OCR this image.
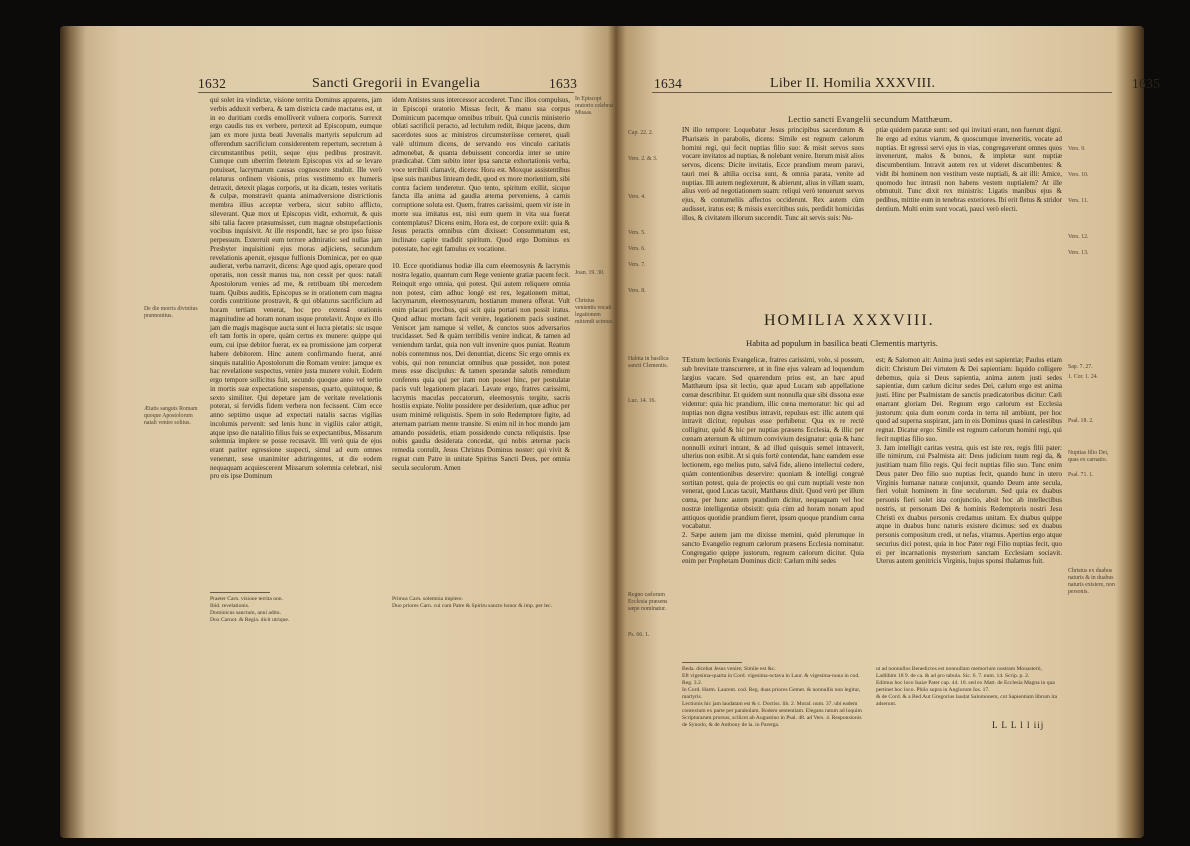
1632	Sancti Gregorii in Evangelia	1633
qui solet ira vindictæ, visione territa Dominus apparens, jam verbis adduxit verbera, & tam districta cæde mactatus est, ut in eo duritiam cordis emolliverit vulnera corporis. Surrexit ergo caudis tus ex verbere, pertexit ad Episcopum, eumque jam ex more juxta beati Juvenalis martyris sepulcrum ad offerendum sacrificium considerentem repertum, secretum à circumstantibus petiit, seque ejus pedibus prostravit. Cumque cum uberrim fletetem Episcopus vix ad se levare potuisset, lacrymarum causas cognoscere studuit. Ille verò relaturus ordinem visionis, prius vestimento ex humeris detraxit, detexit plagas corporis, ut ita dicam, testes veritatis & culpæ, monstravit quanta animadversione districtionis membra illius acceptæ verbera, sicut subito afflicto, sileverant. Quæ mox ut Episcopus vidit, exhorruit, & quis sibi talia facere præsumsisset, cum magnæ obstupefactionis vocibus inquisivit. At ille respondit, hæc se pro ipso fuisse perpessum. Exterruit eum terrore admiratio: sed nullas jam Presbyter inquisitioni ejus moras adjiciens, secundum revelationis aperuit, ejusque fulfionis Dominicæ, per eo quæ audierat, verba narravit, dicens: Age quod agis, operare quod operatis, non cessit manus tua, non cessit per quos: natali Apostolorum venies ad me, & retribuam tibi mercedem tuam. Quibus auditis, Episcopus se in orationem cum magna cordis contritione prostravit, & qui oblaturus sacrificium ad horam tertiam venerat, hoc pro extensâ orationis magnitudine ad horam nonam usque protelavit. Atque ex illo jam die magis magisque aucta sunt ei lucra pietatis: sic usque eft tam fortis in opere, quàm certus ex munere: quippe qui eum, cui ipse debitor fuerat, ex ea promissione jam corperat habere debitorem. Hinc autem confirmando fuerat, anni sinquis natalitio Apostolorum die Romam venire: jamque ex hac revelatione suspectus, venire justa munere voluit. Eodem ergo tempore sollicitus fuit, secundo quoque anno vel tertio in mortis suæ expectatione suspensus, quarto, quintoque, & sexto similiter. Qui depetare jam de veritate revelationis poterat, si fervidis fidem verbera non fecissent. Cùm ecce anno septimo usque ad expectati natalis sacras vigilias incolumis pervenit: sed lenis hunc in vigiliis calor attigit, atque ipso die natalitio filius fuis se expectantibus, Missarum solemnia implere se posse recusavit. Illi verò quia de ejus erant pariter egressione suspecti, simul ad eum omnes venerunt, sese unanimiter adstringentes, ut die eodem nequaquam acquiescerent Missarum solemnia celebrari, nisi pro eis ipse Dominum
idem Antistes suus intercessor accederet. Tunc illos compulsus, in Episcopi oratorio Missas fecit, & manu sua corpus Dominicum pacemque omnibus tribuit. Quà cunctis ministerio oblati sacrificii peracto, ad lectulum rediit, ibique jacens, dum sacerdotes suos ac ministros circumsteriisse cerneret, quali valè ultimum dicens, de servando eos vinculo caritatis admonebat, & quanta debuissent concordia inter se unire prædicabat. Cùm subito inter ipsa sanctæ exhortationis verba, voce terribili clamavit, dicens: Hora est. Moxque assistentibus ipse suis manibus linteam dedit, quod ex more morientium, sibi contra faciem tenderetur. Quo tento, spiritum exiliit, sicque fancta illa anima ad gaudia æterna perveniens, à carnis corruptione soluta est. Quem, fratres carissimi, quem vir iste in morte sua imitatus est, nisi eum quem in vita sua fuerat contemplatus? Dicens enim, Hora est, de corpore exiit: quia & Jesus peractis omnibus cùm dixisset: Consummatum est, inclinato capite tradidit spiritum. Quod ergo Dominus ex potestate, hoc egit famulus ex vocatione.

10. Ecce quotidianus hodiæ illa cum eleemosynis & lacrymis nostra legatio, quantum cum Rege veniente gratiæ pacem fecit. Reinquit ergo omnia, qui potest. Qui autem reliquere omnia non potest, cùm adhuc longè est rex, legationem mittat, lacrymarum, eleemosynarum, hostiarum munera offerat. Vult enim placari precibus, qui scit quia portari non possit iratus. Quod adhuc mortam facit venire, legationem pacis sustinet. Veniscet jam namque si vellet, & cunctos suos adversarios trucidasset. Sed & quàm terribilis venire indicat, & tamen ad veniendum tardat, quia non vult invenire quos puniat. Reatum nobis contemnus nos, Dei denuntiat, dicens: Sic ergo omnis ex vobis, qui non renunciat omnibus quæ possidet, non potest meus esse discipulus: & tamen sperandæ salutis remedium conferens quia qui per iram non posset hinc, per postulatæ pacis vult legationem placari. Lavate ergo, fratres carissimi, lacrymis maculas peccatorum, eleemosynis tergite, sacris hostiis expiate. Nolite possidere per desiderium, quæ adhuc per usum minimè reliquistis. Spem in solo Redemptore figite, ad æternam patriam mente transite. Si enim nil in hoc mundo jam amando possidetis, etiam possidendo cuncta reliquistis. Ipse nobis gaudia desiderata concedat, qui nobis æternæ pacis remedia contulit, Jesus Christus Dominus noster: qui vivit & regnat cum Patre in unitate Spiritus Sancti Deus, per omnia secula seculorum. Amen
De die morris divinitus præmonitus.
Ætatis sanguis Romam quoque Apostolorum natali venire solitus.
In Episcopi oratorio celebrat Missas.
Joan. 19. 30.
Christus venientis vocati legationem mittendi scimus.
Praeter Carn. visione territa non.
Ibid. revelationis.
Dominicus sanctum, anni aditu.
Dux Carnot. & Regia. dicit utrique.
Primus Carn. solemnia implere.
Duo priores Carn. cui cum Patre & Spiritu sancto honor & imp. per lec.
1634	Liber II. Homilia XXXVIII.	1635
Lectio sancti Evangelii secundum Matthæum.
IN illo tempore: Loquebatur Jesus principibus sacerdotum & Pharisæis in parabolis, dicens: Simile est regnum cælorum homini regi, qui fecit nuptias filio suo: & misit servos suos vocare invitatos ad nuptias, & nolebant venire. Iterum misit alios servos, dicens: Dicite invitatis, Ecce prandium meum paravi, tauri mei & altilia occisa sunt, & omnia parata, venite ad nuptias. Illi autem neglexerunt, & abierunt, alius in villam suam, alius verò ad negotiationem suam: reliqui verò tenuerunt servos ejus, & contumeliis affectos occiderunt. Rex autem cùm audisset, iratus est; & missis exercitibus suis, perdidit homicidas illos, & civitatem illorum succendit. Tunc ait servis suis: Nu-
ptiæ quidem paratæ sunt: sed qui invitati erant, non fuerunt digni. Ite ergo ad exitus viarum, & quoscumque inveneritis, vocate ad nuptias. Et egressi servi ejus in vias, congregaverunt omnes quos invenerunt, malos & bonos, & impletæ sunt nuptiæ discumbentium. Intravit autem rex ut videret discumbentes: & vidit ibi hominem non vestitum veste nuptiali, & ait illi: Amice, quomodo huc intrasti non habens vestem nuptialem? At ille obmutuit. Tunc dixit rex ministris: Ligatis manibus ejus & pedibus, mittite eum in tenebras exteriores. Ibi erit fletus & stridor dentium. Multi enim sunt vocati, pauci verò electi.
HOMILIA XXXVIII.
Habita ad populum in basilica beati Clementis martyris.
TExtum lectionis Evangelicæ, fratres carissimi, volo, si possum, sub brevitate transcurrere, ut in fine ejus valeam ad loquendum largius vacare. Sed quærendum prius est, an hæc apud Matthæum ipsa sit lectio, quæ apud Lucam sub appellatione cœnæ describitur. Et quidem sunt nonnulla quæ sibi dissona esse videntur: quia hic prandium, illic cœna memoratur: hic qui ad nuptias non digna vestibus intravit, repulsus est: illic autem qui intravit dicitur, repulsus esse perhibetur. Qua ex re rectè colligitur, quòd & hic per nuptias præsens Ecclesia, & illic per cœnam æternum & ultimum convivium designatur: quia & hanc nonnulli exituri intrant, & ad illud quisquis semel intraverit, ulterius non exibit. At si quis fortè contendat, hanc eamdem esse lectionem, ego melius puto, salvâ fide, alieno intellectui cedere, quàm contentionibus deservire: quoniam & intelligi congruè sortitan potest, quia de projectis eo qui cum nuptiali veste non venerat, quod Lucas tacuit, Matthæus dixit. Quod verò per illum cœna, per hunc autem prandium dicitur, nequaquam vel hoc nostræ intelligentiæ obsistit: quia cùm ad horam nonam apud antiquos quotidie prandium fieret, ipsum quoque prandium cœna vocabatur.
2. Sæpe autem jam me dixisse memini, quòd plerumque in sancto Evangelio regnum cælorum præsens Ecclesia nominatur. Congregatio quippe justorum, regnum cælorum dicitur. Quia enim per Prophetam Dominus dicit: Cælum mihi sedes
est; & Salomon ait: Anima justi sedes est sapientiæ; Paulus etiam dicit: Christum Dei virtutem & Dei sapientiam: liquido colligere debemus, quia si Deus sapientia, anima autem justi sedes sapientiæ, dum cælum dicitur sedes Dei, cælum ergo est anima justi. Hinc per Psalmistam de sanctis prædicatoribus dicitur: Cæli enarrant gloriam Dei. Regnum ergo cælorum est Ecclesia justorum: quia dum eorum corda in terra nil ambiunt, per hoc quod ad superna suspirant, jam in eis Dominus quasi in cælestibus regnat. Dicatur ergo: Simile est regnum cælorum homini regi, qui fecit nuptias filio suo.
3. Jam intelligit caritas vestra, quis est iste rex, regis filii pater: ille nimirum, cui Psalmista ait: Deus judicium tuum regi da, & justitiam tuam filio regis. Qui fecit nuptias filio suo. Tunc enim Deus pater Deo filio suo nuptias fecit, quando hunc in utero Virginis humanæ naturæ conjunxit, quando Deum ante secula, fieri voluit hominem in fine seculorum. Sed quia ex duabus personis fieri solet ista conjunctio, absit hoc ab intellectibus nostris, ut personam Dei & hominis Redemptoris nostri Jesu Christi ex duabus personis credamus unitam. Ex duabus quippe atque in duabus hunc naturis existere dicimus: sed ex duabus personis compositum credi, ut nefas, vitamus. Apertius ergo atque securius dici potest, quia in hoc Pater regi Filio nuptias fecit, quo ei per incarnationis mysterium sanctam Ecclesiam sociavit. Uterus autem genitricis Virginis, hujus sponsi thalamus fuit.
Cap. 22. 2.
Vers. 2. & 3.
Vers. 4.
Vers. 5.
Vers. 6.
Vers. 7.
Vers. 8.
Habita in basilica sancti Clementis.
Luc. 14. 16.
Regno cælorum Ecclesia præsens sæpe nominatur.
Ps. 66. 1.
Vers. 9.
Vers. 10.
Vers. 11.
Vers. 12.
Vers. 13.
Sap. 7. 27.
1. Cor. 1. 24.
Psal. 18. 2.
Nuptias filio Dei, quas ex carnatio.
Psal. 71. 1.
Christus ex duabus naturis & in duabus naturis existere, non personis.
Beda. dicebat Jesus venire; Simile est &c.
Eft vigesima-quarta in Cord. vigesima-octava in Laur. & vigesima-nona in cod. Reg. 3.2.
In Cord. Harm. Laurent. cod. Reg. duas priores Gemet. & nonnullis non legitur, martyris.
Lectionis hic jam laudatam est & c. Doctiss. lib. 2. Moral. num. 37. ubi eadem contextum ex parte per parabolam. Bodem sententiam. Elegans ratum ad loquim Scripturarum prorsus, scilicet ab Augustino in Psal. 48. ad Vers. 4. Responsionis de Synodo, & de Anthony de la. in Parerga.
ut ad nonnullos Benedictos est nonnullam memorium nostram Monasterii, Ladlibim 18 9. de ca. & ad pro tabula. Sic. 6. 7. num. 14. Scrip. p. 2.
Edimus hoc loco Isaiæ Pater cap. 44. 18. sed ex Matt. de Ecclesia Magna in qua pertinet hoc loco. Philo supra in Anglorum Ios. 17.
& de Cord. & a Bed Aut Gregorius laudat Salomonem, cut Sapientiam librum ita adserunt.
L L L l l iij
